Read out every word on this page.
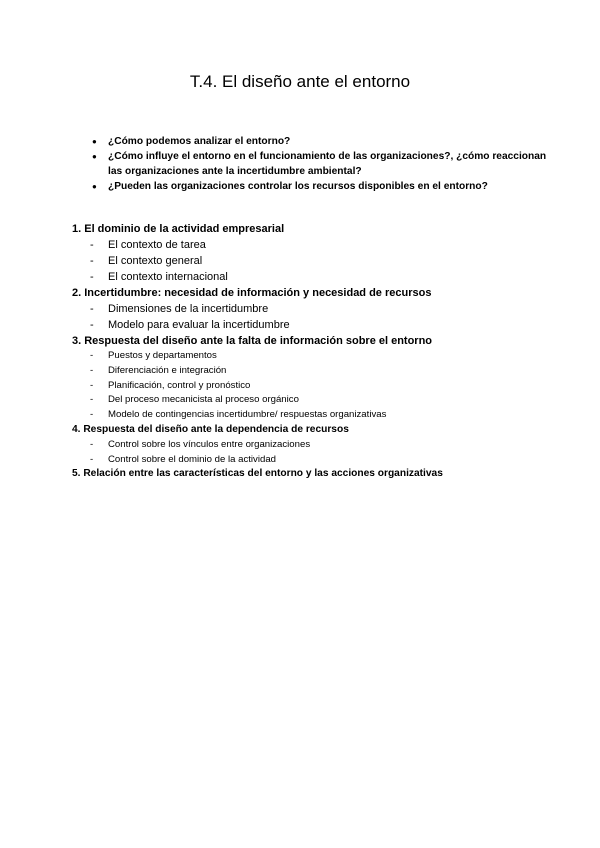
T.4. El diseño ante el entorno
● ¿Cómo podemos analizar el entorno?
● ¿Cómo influye el entorno en el funcionamiento de las organizaciones?, ¿cómo reaccionan las organizaciones ante la incertidumbre ambiental?
● ¿Pueden las organizaciones controlar los recursos disponibles en el entorno?
1. El dominio de la actividad empresarial
- El contexto de tarea
- El contexto general
- El contexto internacional
2. Incertidumbre: necesidad de información y necesidad de recursos
- Dimensiones de la incertidumbre
- Modelo para evaluar la incertidumbre
3. Respuesta del diseño ante la falta de información sobre el entorno
- Puestos y departamentos
- Diferenciación e integración
- Planificación, control y pronóstico
- Del proceso mecanicista al proceso orgánico
- Modelo de contingencias incertidumbre/ respuestas organizativas
4. Respuesta del diseño ante la dependencia de recursos
- Control sobre los vínculos entre organizaciones
- Control sobre el dominio de la actividad
5. Relación entre las características del entorno y las acciones organizativas
